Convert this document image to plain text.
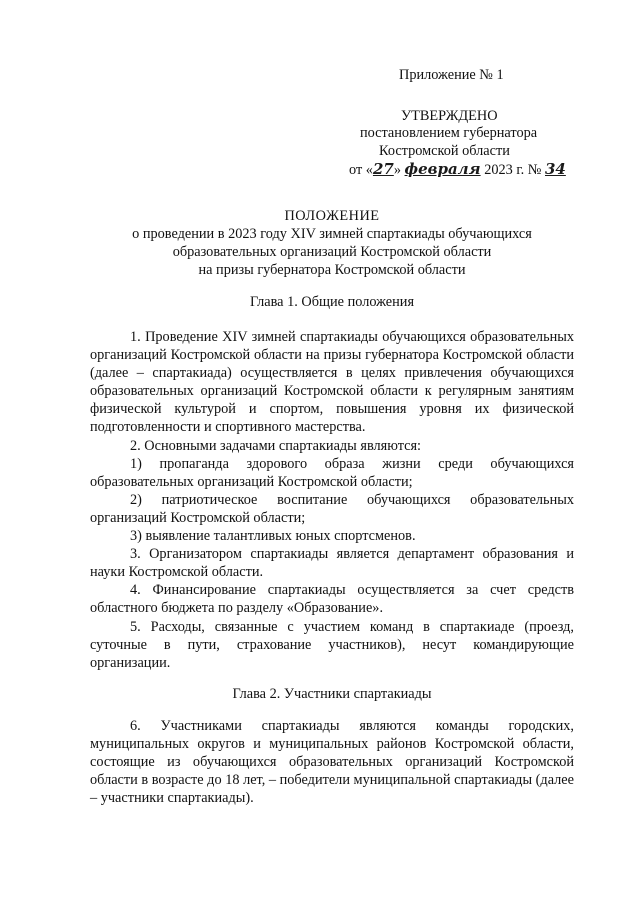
Приложение № 1
УТВЕРЖДЕНО
постановлением губернатора
Костромской области
от «27» февраля 2023 г. № 34
ПОЛОЖЕНИЕ
о проведении в 2023 году XIV зимней спартакиады обучающихся
образовательных организаций Костромской области
на призы губернатора Костромской области
Глава 1. Общие положения

1. Проведение XIV зимней спартакиады обучающихся образовательных организаций Костромской области на призы губернатора Костромской области (далее – спартакиада) осуществляется в целях привлечения обучающихся образовательных организаций Костромской области к регулярным занятиям физической культурой и спортом, повышения уровня их физической подготовленности и спортивного мастерства.

2. Основными задачами спартакиады являются:

1) пропаганда здорового образа жизни среди обучающихся образовательных организаций Костромской области;

2) патриотическое воспитание обучающихся образовательных организаций Костромской области;

3) выявление талантливых юных спортсменов.

3. Организатором спартакиады является департамент образования и науки Костромской области.

4. Финансирование спартакиады осуществляется за счет средств областного бюджета по разделу «Образование».

5. Расходы, связанные с участием команд в спартакиаде (проезд, суточные в пути, страхование участников), несут командирующие организации.

Глава 2. Участники спартакиады

6. Участниками спартакиады являются команды городских, муниципальных округов и муниципальных районов Костромской области, состоящие из обучающихся образовательных организаций Костромской области в возрасте до 18 лет, – победители муниципальной спартакиады (далее – участники спартакиады).
